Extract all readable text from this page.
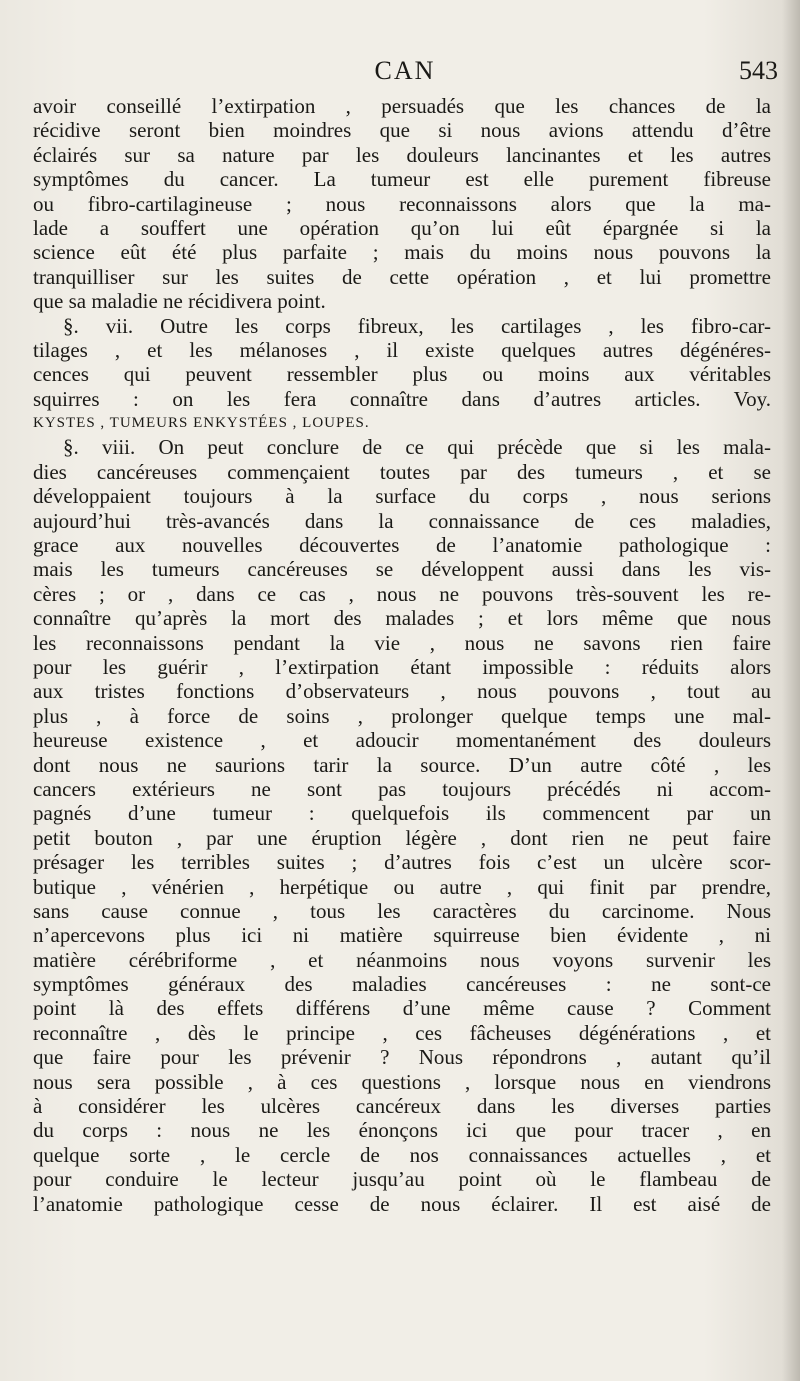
CAN	543
avoir conseillé l’extirpation , persuadés que les chances de la
récidive seront bien moindres que si nous avions attendu d’être
éclairés sur sa nature par les douleurs lancinantes et les autres
symptômes du cancer. La tumeur est elle purement fibreuse
ou fibro-cartilagineuse ; nous reconnaissons alors que la ma-
lade a souffert une opération qu’on lui eût épargnée si la
science eût été plus parfaite ; mais du moins nous pouvons la
tranquilliser sur les suites de cette opération , et lui promettre
que sa maladie ne récidivera point.
§. vii. Outre les corps fibreux, les cartilages , les fibro-car-
tilages , et les mélanoses , il existe quelques autres dégénéres-
cences qui peuvent ressembler plus ou moins aux véritables
squirres : on les fera connaître dans d’autres articles. Voy.
KYSTES , TUMEURS ENKYSTÉES , LOUPES.
§. viii. On peut conclure de ce qui précède que si les mala-
dies cancéreuses commençaient toutes par des tumeurs , et se
développaient toujours à la surface du corps , nous serions
aujourd’hui très-avancés dans la connaissance de ces maladies,
grace aux nouvelles découvertes de l’anatomie pathologique :
mais les tumeurs cancéreuses se développent aussi dans les vis-
cères ; or , dans ce cas , nous ne pouvons très-souvent les re-
connaître qu’après la mort des malades ; et lors même que nous
les reconnaissons pendant la vie , nous ne savons rien faire
pour les guérir , l’extirpation étant impossible : réduits alors
aux tristes fonctions d’observateurs , nous pouvons , tout au
plus , à force de soins , prolonger quelque temps une mal-
heureuse existence , et adoucir momentanément des douleurs
dont nous ne saurions tarir la source. D’un autre côté , les
cancers extérieurs ne sont pas toujours précédés ni accom-
pagnés d’une tumeur : quelquefois ils commencent par un
petit bouton , par une éruption légère , dont rien ne peut faire
présager les terribles suites ; d’autres fois c’est un ulcère scor-
butique , vénérien , herpétique ou autre , qui finit par prendre,
sans cause connue , tous les caractères du carcinome. Nous
n’apercevons plus ici ni matière squirreuse bien évidente , ni
matière cérébriforme , et néanmoins nous voyons survenir les
symptômes généraux des maladies cancéreuses : ne sont-ce
point là des effets différens d’une même cause ? Comment
reconnaître , dès le principe , ces fâcheuses dégénérations , et
que faire pour les prévenir ? Nous répondrons , autant qu’il
nous sera possible , à ces questions , lorsque nous en viendrons
à considérer les ulcères cancéreux dans les diverses parties
du corps : nous ne les énonçons ici que pour tracer , en
quelque sorte , le cercle de nos connaissances actuelles , et
pour conduire le lecteur jusqu’au point où le flambeau de
l’anatomie pathologique cesse de nous éclairer. Il est aisé de
